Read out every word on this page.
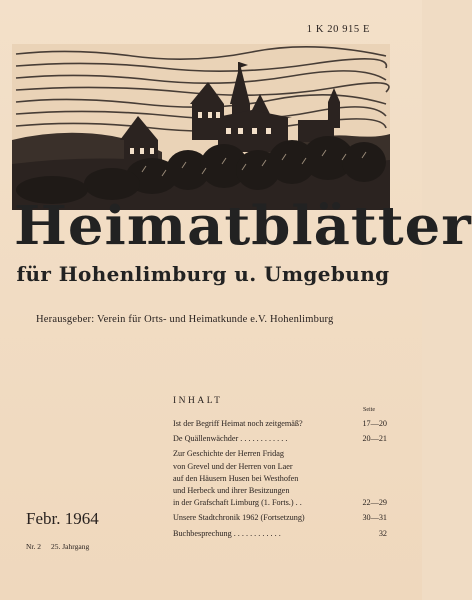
1 K 20 915 E
Heimatblätter
für Hohenlimburg u. Umgebung
Herausgeber: Verein für Orts- und Heimatkunde e.V. Hohenlimburg
INHALT
Seite
Ist der Begriff Heimat noch zeitgemäß?	17—20
De Quällenwächder . . . . . . . . . . . .	20—21
Zur Geschichte der Herren Fridag
von Grevel und der Herren von Laer
auf den Häusern Husen bei Westhofen
und Herbeck und ihrer Besitzungen
in der Grafschaft Limburg (1. Forts.) . .	22—29
Unsere Stadtchronik 1962 (Fortsetzung)	30—31
Buchbesprechung . . . . . . . . . . . .	32
Febr. 1964
Nr. 2 25. Jahrgang
